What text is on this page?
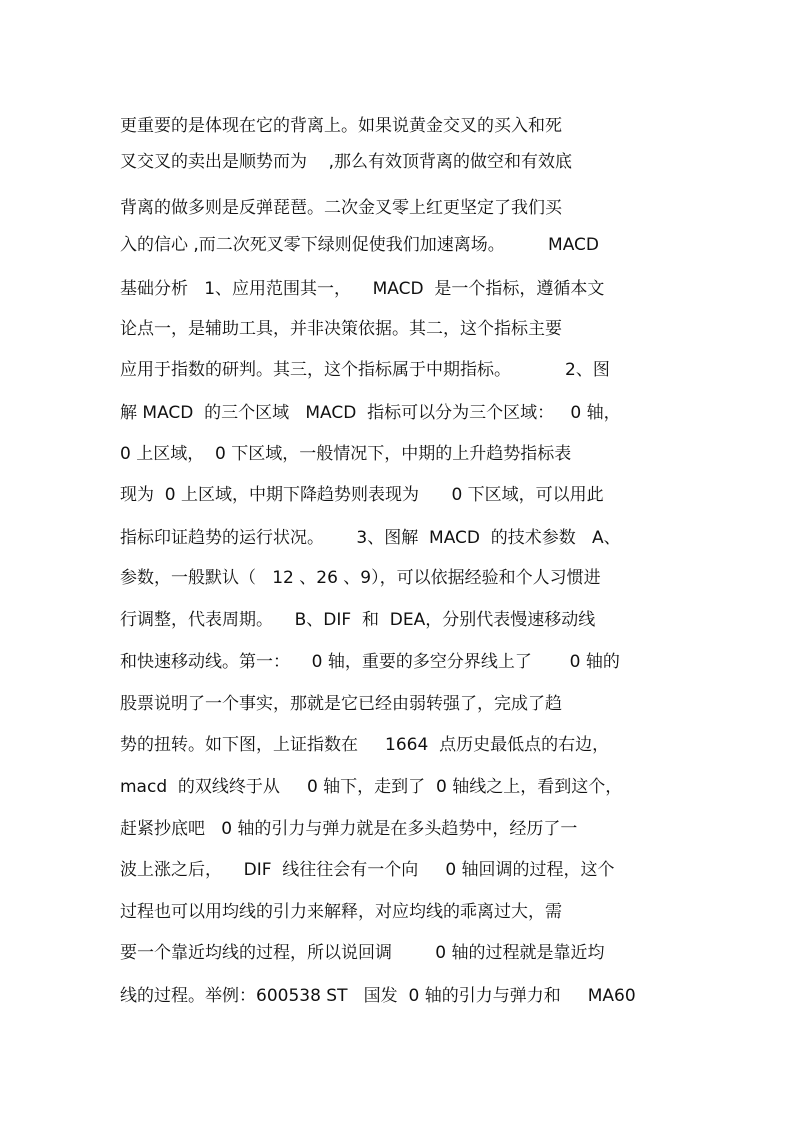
更重要的是体现在它的背离上。如果说黄金交叉的买入和死
叉交叉的卖出是顺势而为    ,那么有效顶背离的做空和有效底
背离的做多则是反弹琵琶。二次金叉零上红更坚定了我们买
入的信心 ,而二次死叉零下绿则促使我们加速离场。        MACD
基础分析   1、应用范围其一，    MACD  是一个指标，遵循本文
论点一，是辅助工具，并非决策依据。其二，这个指标主要
应用于指数的研判。其三，这个指标属于中期指标。          2、图
解 MACD  的三个区域   MACD  指标可以分为三个区域：   0 轴，
0 上区域，  0 下区域，一般情况下，中期的上升趋势指标表
现为  0 上区域，中期下降趋势则表现为      0 下区域，可以用此
指标印证趋势的运行状况。      3、图解  MACD  的技术参数   A、
参数，一般默认（   12 、26 、9），可以依据经验和个人习惯进
行调整，代表周期。    B、DIF  和  DEA，分别代表慢速移动线
和快速移动线。第一：    0 轴，重要的多空分界线上了       0 轴的
股票说明了一个事实，那就是它已经由弱转强了，完成了趋
势的扭转。如下图，上证指数在     1664  点历史最低点的右边，
macd  的双线终于从     0 轴下，走到了  0 轴线之上，看到这个，
赶紧抄底吧   0 轴的引力与弹力就是在多头趋势中，经历了一
波上涨之后，    DIF  线往往会有一个向     0 轴回调的过程，这个
过程也可以用均线的引力来解释，对应均线的乖离过大，需
要一个靠近均线的过程，所以说回调        0 轴的过程就是靠近均
线的过程。举例：600538 ST   国发  0 轴的引力与弹力和     MA60
